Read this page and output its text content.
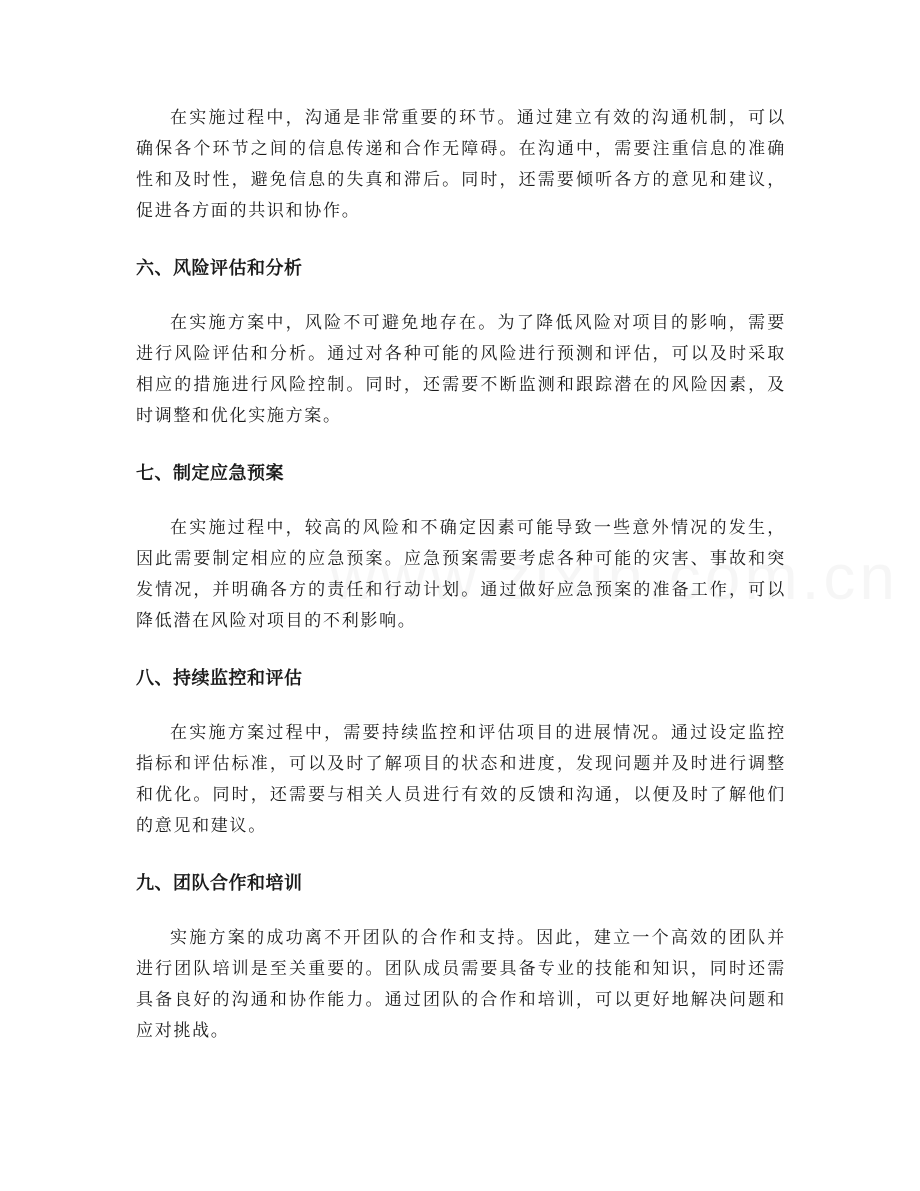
在实施过程中，沟通是非常重要的环节。通过建立有效的沟通机制，可以确保各个环节之间的信息传递和合作无障碍。在沟通中，需要注重信息的准确性和及时性，避免信息的失真和滞后。同时，还需要倾听各方的意见和建议，促进各方面的共识和协作。

六、风险评估和分析

在实施方案中，风险不可避免地存在。为了降低风险对项目的影响，需要进行风险评估和分析。通过对各种可能的风险进行预测和评估，可以及时采取相应的措施进行风险控制。同时，还需要不断监测和跟踪潜在的风险因素，及时调整和优化实施方案。

七、制定应急预案

在实施过程中，较高的风险和不确定因素可能导致一些意外情况的发生，因此需要制定相应的应急预案。应急预案需要考虑各种可能的灾害、事故和突发情况，并明确各方的责任和行动计划。通过做好应急预案的准备工作，可以降低潜在风险对项目的不利影响。

八、持续监控和评估

在实施方案过程中，需要持续监控和评估项目的进展情况。通过设定监控指标和评估标准，可以及时了解项目的状态和进度，发现问题并及时进行调整和优化。同时，还需要与相关人员进行有效的反馈和沟通，以便及时了解他们的意见和建议。

九、团队合作和培训

实施方案的成功离不开团队的合作和支持。因此，建立一个高效的团队并进行团队培训是至关重要的。团队成员需要具备专业的技能和知识，同时还需具备良好的沟通和协作能力。通过团队的合作和培训，可以更好地解决问题和应对挑战。
